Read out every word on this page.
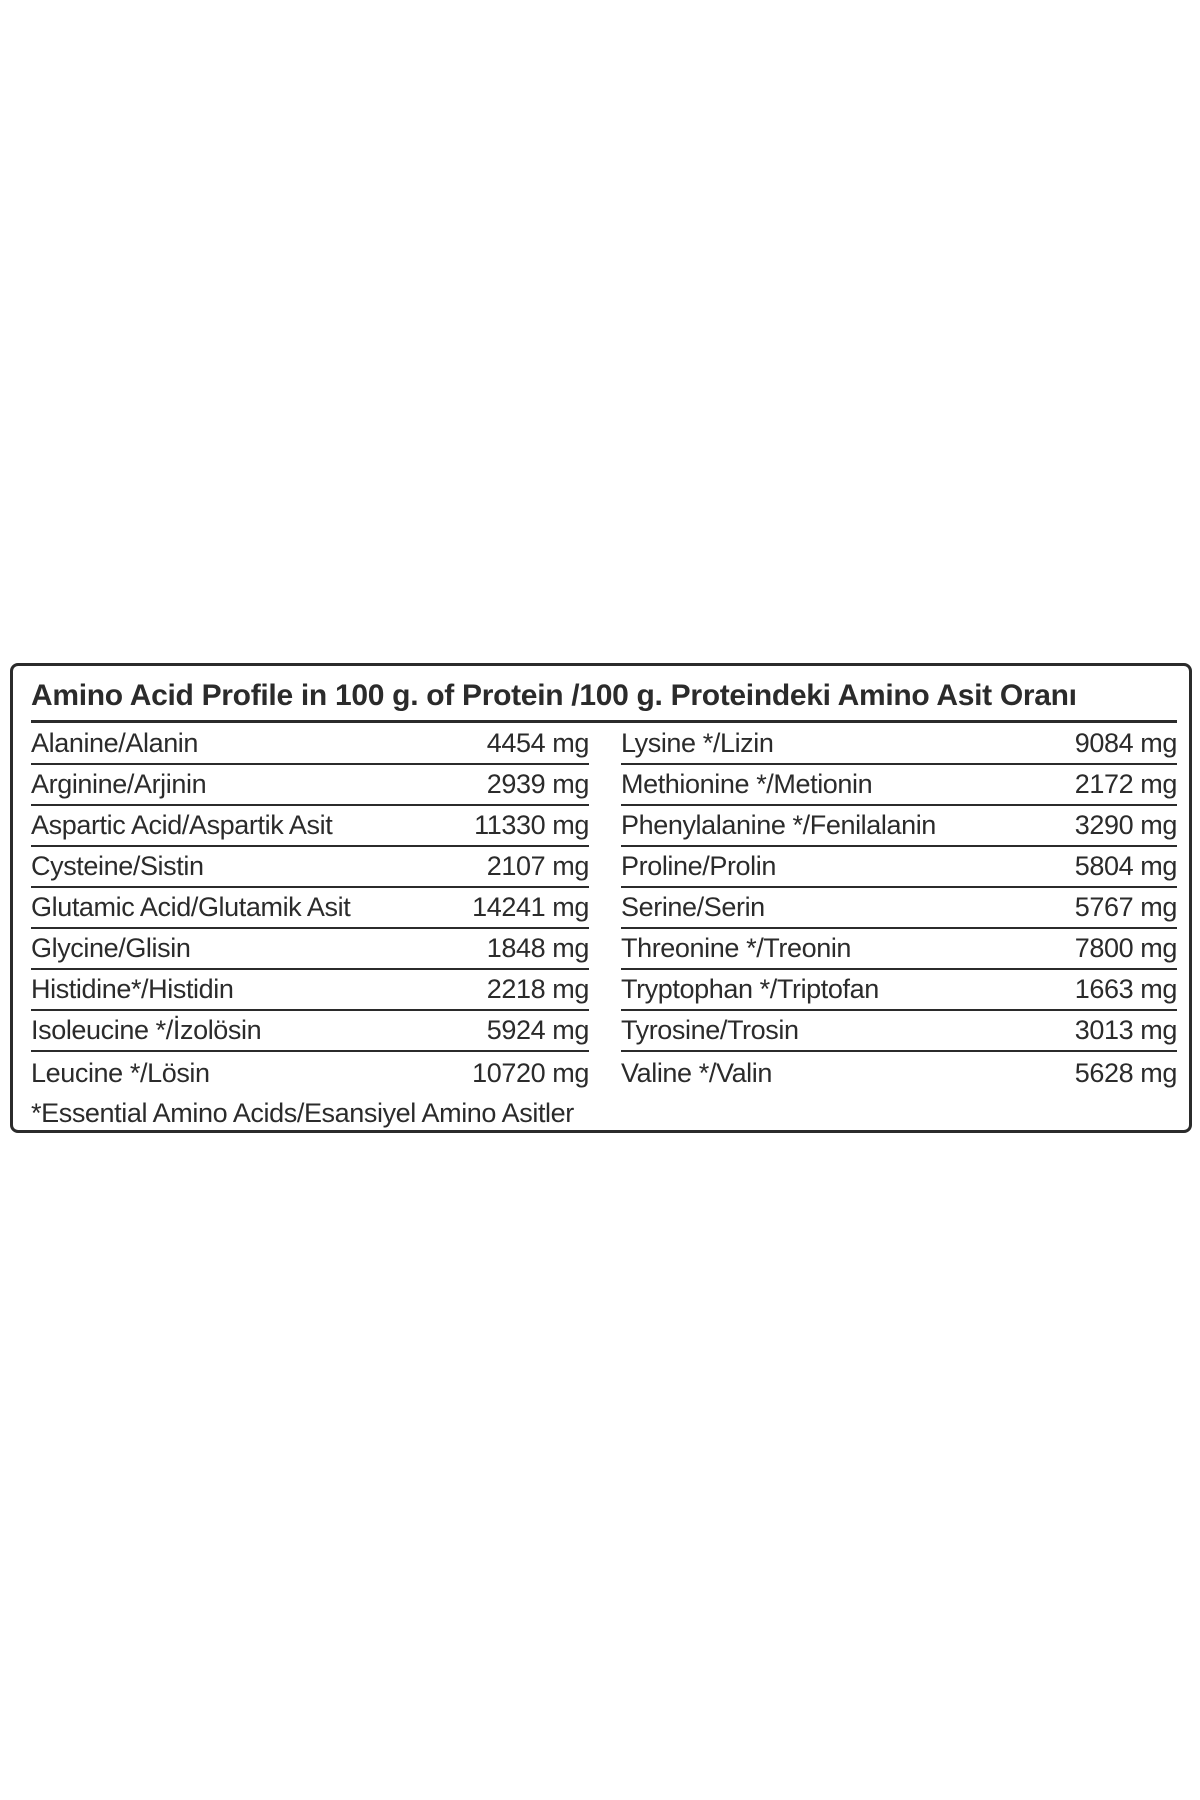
Amino Acid Profile in 100 g. of Protein /100 g. Proteindeki Amino Asit Oranı
Alanine/Alanin	4454 mg
Arginine/Arjinin	2939 mg
Aspartic Acid/Aspartik Asit	11330 mg
Cysteine/Sistin	2107 mg
Glutamic Acid/Glutamik Asit	14241 mg
Glycine/Glisin	1848 mg
Histidine*/Histidin	2218 mg
Isoleucine */İzolösin	5924 mg
Leucine */Lösin	10720 mg
Lysine */Lizin	9084 mg
Methionine */Metionin	2172 mg
Phenylalanine */Fenilalanin	3290 mg
Proline/Prolin	5804 mg
Serine/Serin	5767 mg
Threonine */Treonin	7800 mg
Tryptophan */Triptofan	1663 mg
Tyrosine/Trosin	3013 mg
Valine */Valin	5628 mg
*Essential Amino Acids/Esansiyel Amino Asitler
